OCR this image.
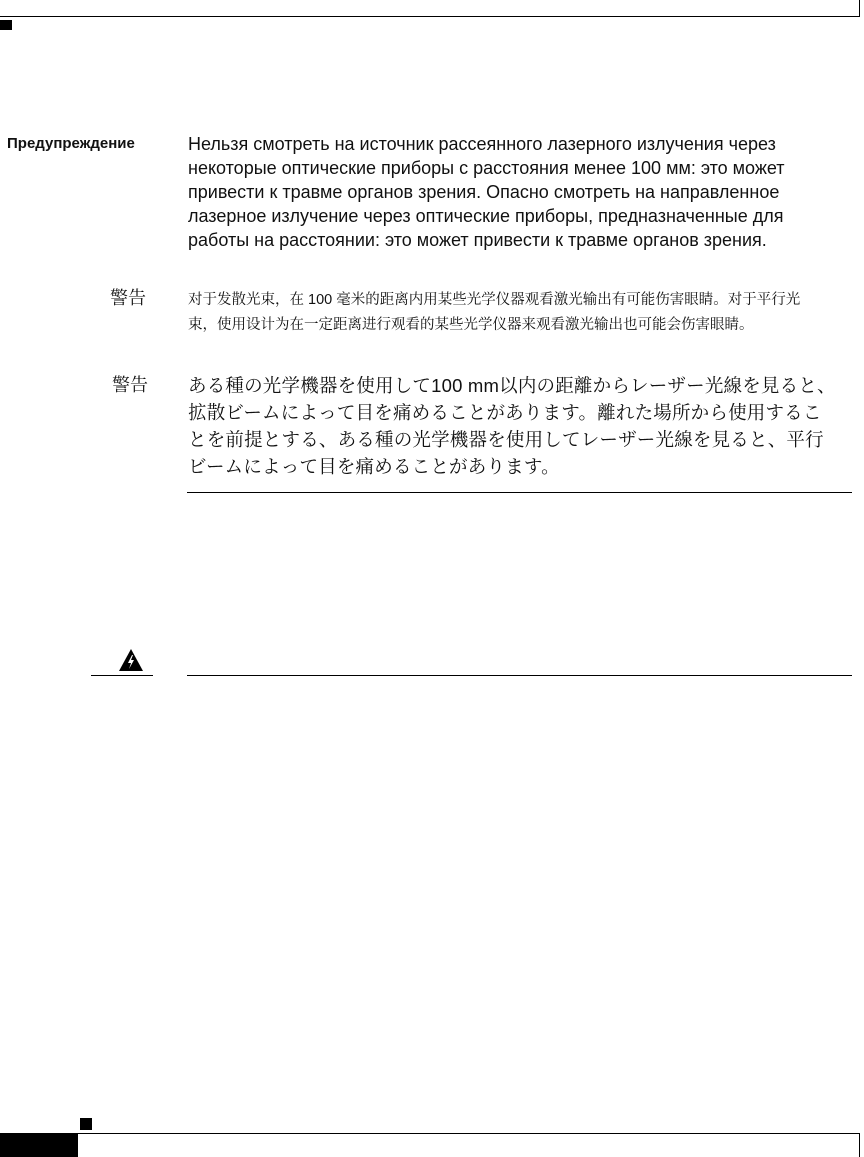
Предупреждение	Нельзя смотреть на источник рассеянного лазерного излучения через
некоторые оптические приборы с расстояния менее 100 мм: это может
привести к травме органов зрения. Опасно смотреть на направленное
лазерное излучение через оптические приборы, предназначенные для
работы на расстоянии: это может привести к травме органов зрения.
警告	对于发散光束，在 100 毫米的距离内用某些光学仪器观看激光输出有可能伤害眼睛。对于平行光
束，使用设计为在一定距离进行观看的某些光学仪器来观看激光输出也可能会伤害眼睛。
警告 ある種の光学機器を使用して100 mm以内の距離からレーザー光線を見ると、
拡散ビームによって目を痛めることがあります。離れた場所から使用するこ
とを前提とする、ある種の光学機器を使用してレーザー光線を見ると、平行
ビームによって目を痛めることがあります。
